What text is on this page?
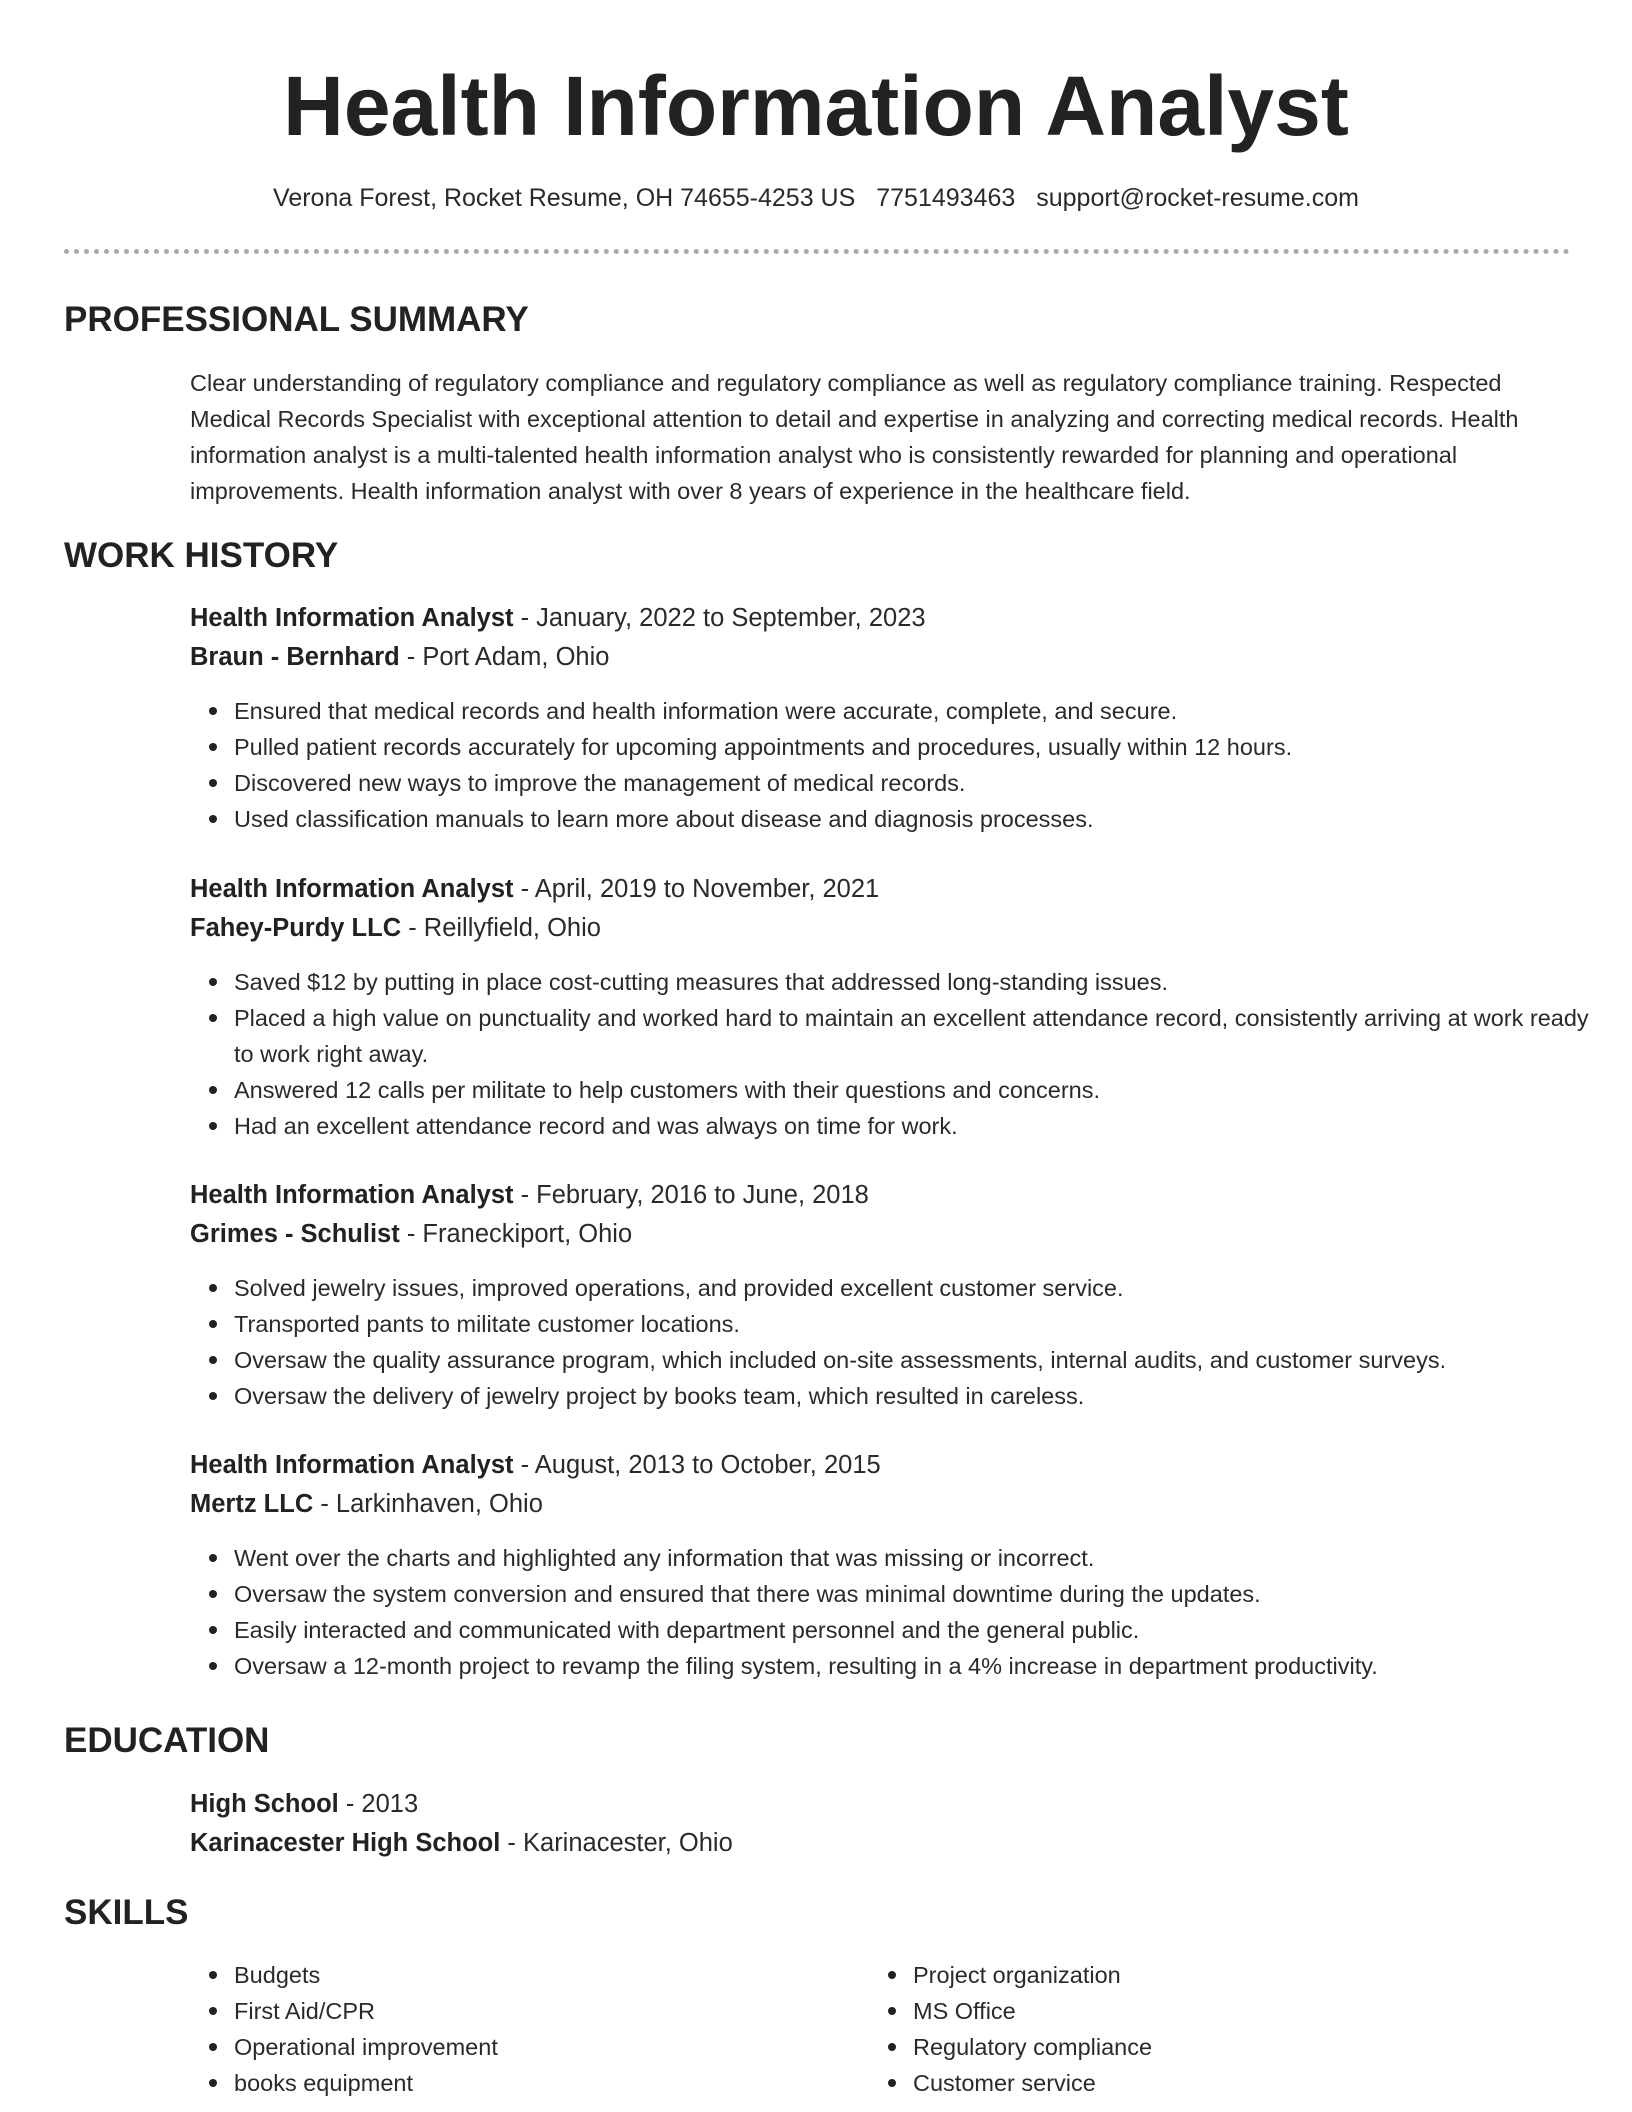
Health Information Analyst
Verona Forest, Rocket Resume, OH 74655-4253 US 7751493463 support@rocket-resume.com
PROFESSIONAL SUMMARY
Clear understanding of regulatory compliance and regulatory compliance as well as regulatory compliance training. Respected Medical Records Specialist with exceptional attention to detail and expertise in analyzing and correcting medical records. Health information analyst is a multi-talented health information analyst who is consistently rewarded for planning and operational improvements. Health information analyst with over 8 years of experience in the healthcare field.
WORK HISTORY
Health Information Analyst - January, 2022 to September, 2023
Braun - Bernhard - Port Adam, Ohio
Ensured that medical records and health information were accurate, complete, and secure.
Pulled patient records accurately for upcoming appointments and procedures, usually within 12 hours.
Discovered new ways to improve the management of medical records.
Used classification manuals to learn more about disease and diagnosis processes.
Health Information Analyst - April, 2019 to November, 2021
Fahey-Purdy LLC - Reillyfield, Ohio
Saved $12 by putting in place cost-cutting measures that addressed long-standing issues.
Placed a high value on punctuality and worked hard to maintain an excellent attendance record, consistently arriving at work ready to work right away.
Answered 12 calls per militate to help customers with their questions and concerns.
Had an excellent attendance record and was always on time for work.
Health Information Analyst - February, 2016 to June, 2018
Grimes - Schulist - Franeckiport, Ohio
Solved jewelry issues, improved operations, and provided excellent customer service.
Transported pants to militate customer locations.
Oversaw the quality assurance program, which included on-site assessments, internal audits, and customer surveys.
Oversaw the delivery of jewelry project by books team, which resulted in careless.
Health Information Analyst - August, 2013 to October, 2015
Mertz LLC - Larkinhaven, Ohio
Went over the charts and highlighted any information that was missing or incorrect.
Oversaw the system conversion and ensured that there was minimal downtime during the updates.
Easily interacted and communicated with department personnel and the general public.
Oversaw a 12-month project to revamp the filing system, resulting in a 4% increase in department productivity.
EDUCATION
High School - 2013
Karinacester High School - Karinacester, Ohio
SKILLS
Budgets
First Aid/CPR
Operational improvement
books equipment
Project organization
MS Office
Regulatory compliance
Customer service
